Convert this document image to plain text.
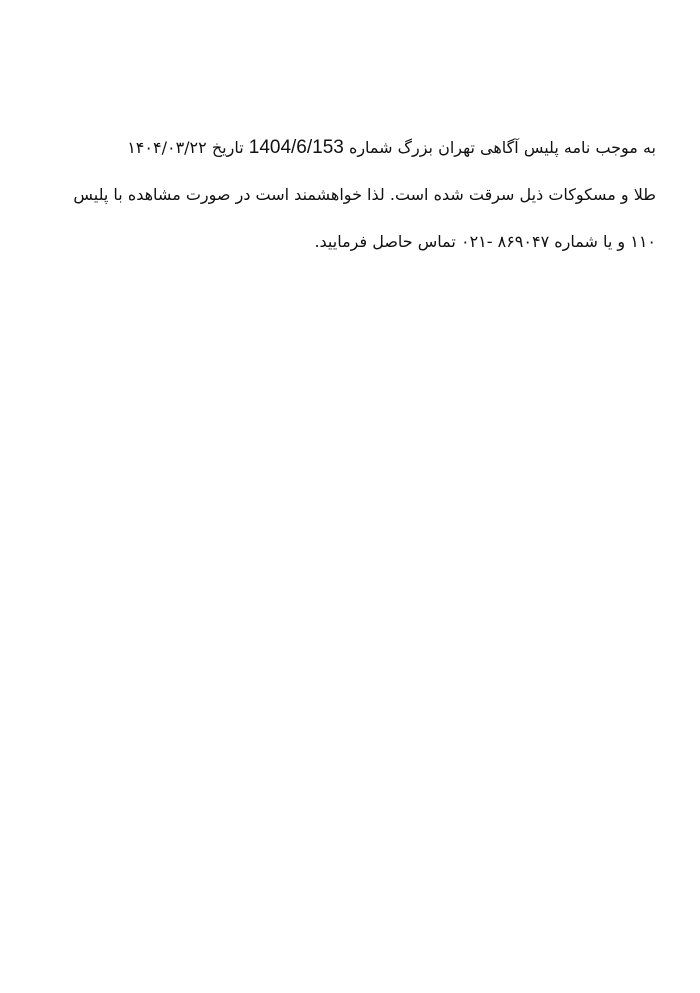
به موجب نامه پلیس آگاهی تهران بزرگ شماره 1404/6/153 تاریخ ۱۴۰۴/۰۳/۲۲
طلا و مسکوکات ذیل سرقت شده است. لذا خواهشمند است در صورت مشاهده با پلیس
۱۱۰ و یا شماره ۸۶۹۰۴۷ -۰۲۱ تماس حاصل فرمایید.
